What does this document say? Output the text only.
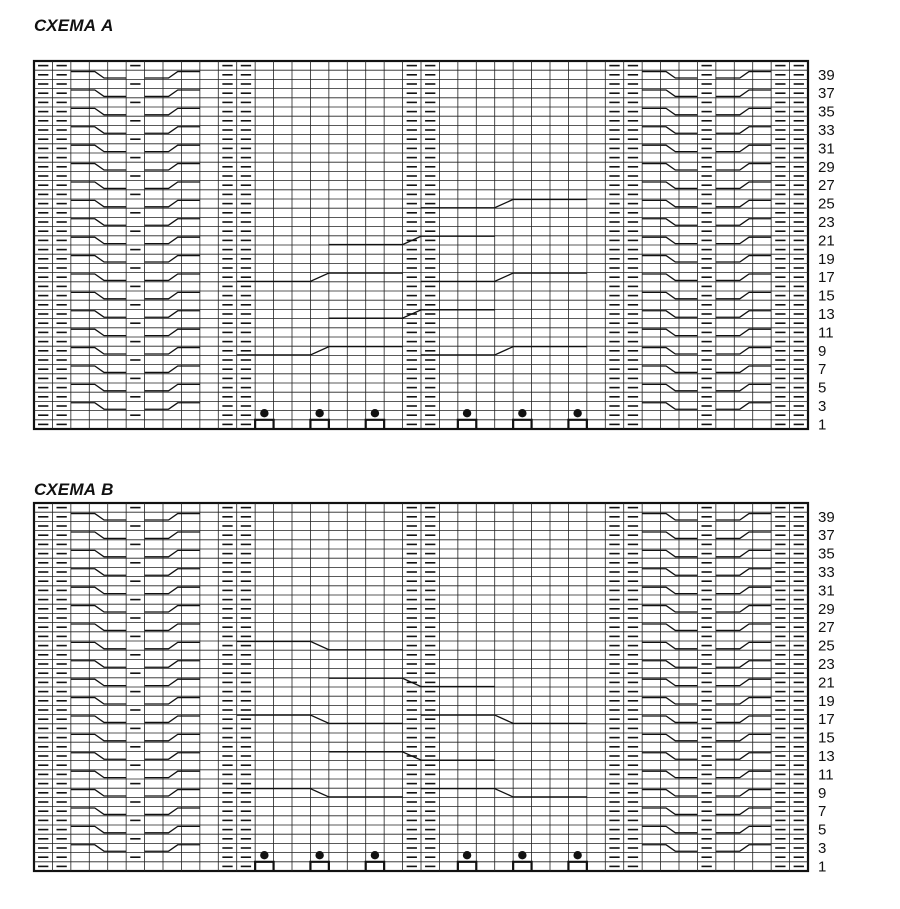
СХЕМА A
39
37
35
33
31
29
27
25
23
21
19
17
15
13
11
9
7
5
3
1
СХЕМА B
39
37
35
33
31
29
27
25
23
21
19
17
15
13
11
9
7
5
3
1
